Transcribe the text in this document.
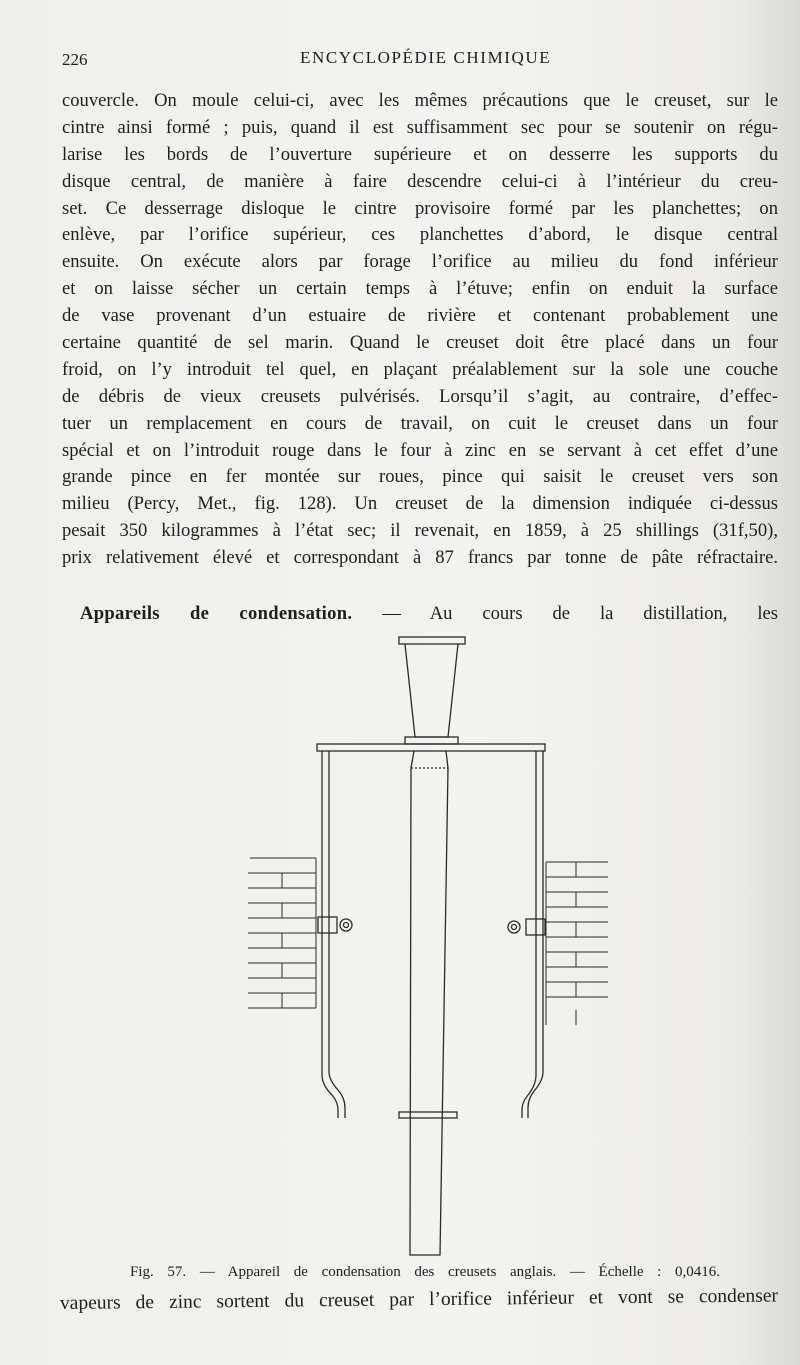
226	ENCYCLOPÉDIE CHIMIQUE
couvercle. On moule celui-ci, avec les mêmes précautions que le creuset, sur le
cintre ainsi formé ; puis, quand il est suffisamment sec pour se soutenir on régu-
larise les bords de l’ouverture supérieure et on desserre les supports du
disque central, de manière à faire descendre celui-ci à l’intérieur du creu-
set. Ce desserrage disloque le cintre provisoire formé par les planchettes; on
enlève, par l’orifice supérieur, ces planchettes d’abord, le disque central
ensuite. On exécute alors par forage l’orifice au milieu du fond inférieur
et on laisse sécher un certain temps à l’étuve; enfin on enduit la surface
de vase provenant d’un estuaire de rivière et contenant probablement une
certaine quantité de sel marin. Quand le creuset doit être placé dans un four
froid, on l’y introduit tel quel, en plaçant préalablement sur la sole une couche
de débris de vieux creusets pulvérisés. Lorsqu’il s’agit, au contraire, d’effec-
tuer un remplacement en cours de travail, on cuit le creuset dans un four
spécial et on l’introduit rouge dans le four à zinc en se servant à cet effet d’une
grande pince en fer montée sur roues, pince qui saisit le creuset vers son
milieu (Percy, Met., fig. 128). Un creuset de la dimension indiquée ci-dessus
pesait 350 kilogrammes à l’état sec; il revenait, en 1859, à 25 shillings (31f,50),
prix relativement élevé et correspondant à 87 francs par tonne de pâte réfractaire.
Appareils de condensation. — Au cours de la distillation, les
Fig. 57. — Appareil de condensation des creusets anglais. — Échelle : 0,0416.
vapeurs de zinc sortent du creuset par l’orifice inférieur et vont se condenser
